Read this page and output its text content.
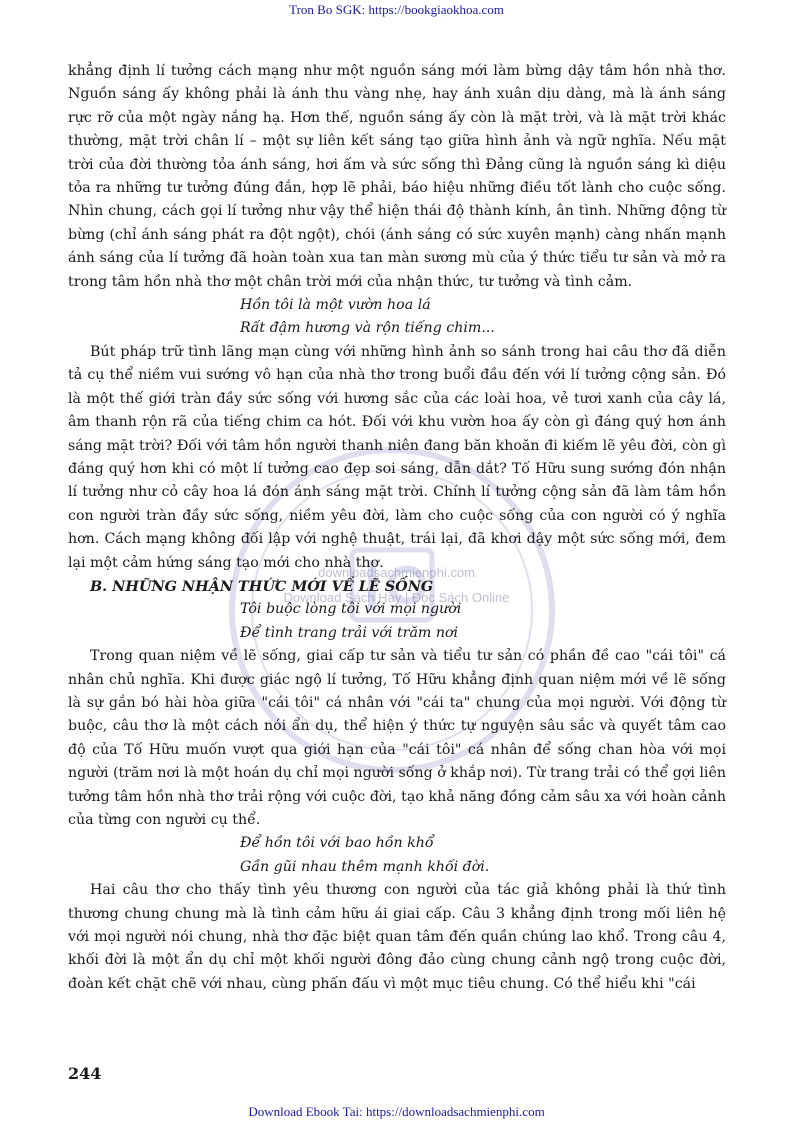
Tron Bo SGK: https://bookgiaokhoa.com
downloadsachmienphi.com
Download Sách Hay | Đọc Sách Online

khẳng định lí tưởng cách mạng như một nguồn sáng mới làm bừng dậy tâm hồn nhà thơ. Nguồn sáng ấy không phải là ánh thu vàng nhẹ, hay ánh xuân dịu dàng, mà là ánh sáng rực rỡ của một ngày nắng hạ. Hơn thế, nguồn sáng ấy còn là mặt trời, và là mặt trời khác thường, mặt trời chân lí – một sự liên kết sáng tạo giữa hình ảnh và ngữ nghĩa. Nếu mặt trời của đời thường tỏa ánh sáng, hơi ấm và sức sống thì Đảng cũng là nguồn sáng kì diệu tỏa ra những tư tưởng đúng đắn, hợp lẽ phải, báo hiệu những điều tốt lành cho cuộc sống. Nhìn chung, cách gọi lí tưởng như vậy thể hiện thái độ thành kính, ân tình. Những động từ bừng (chỉ ánh sáng phát ra đột ngột), chói (ánh sáng có sức xuyên mạnh) càng nhấn mạnh ánh sáng của lí tưởng đã hoàn toàn xua tan màn sương mù của ý thức tiểu tư sản và mở ra trong tâm hồn nhà thơ một chân trời mới của nhận thức, tư tưởng và tình cảm.

Hồn tôi là một vườn hoa lá
Rất đậm hương và rộn tiếng chim...

Bút pháp trữ tình lãng mạn cùng với những hình ảnh so sánh trong hai câu thơ đã diễn tả cụ thể niềm vui sướng vô hạn của nhà thơ trong buổi đầu đến với lí tưởng cộng sản. Đó là một thế giới tràn đầy sức sống với hương sắc của các loài hoa, vẻ tươi xanh của cây lá, âm thanh rộn rã của tiếng chim ca hót. Đối với khu vườn hoa ấy còn gì đáng quý hơn ánh sáng mặt trời? Đối với tâm hồn người thanh niên đang băn khoăn đi kiếm lẽ yêu đời, còn gì đáng quý hơn khi có một lí tưởng cao đẹp soi sáng, dẫn dắt? Tố Hữu sung sướng đón nhận lí tưởng như cỏ cây hoa lá đón ánh sáng mặt trời. Chính lí tưởng cộng sản đã làm tâm hồn con người tràn đầy sức sống, niềm yêu đời, làm cho cuộc sống của con người có ý nghĩa hơn. Cách mạng không đối lập với nghệ thuật, trái lại, đã khơi dậy một sức sống mới, đem lại một cảm hứng sáng tạo mới cho nhà thơ.

B. NHỮNG NHẬN THỨC MỚI VỀ LẼ SỐNG
Tôi buộc lòng tôi với mọi người
Để tình trang trải với trăm nơi

Trong quan niệm về lẽ sống, giai cấp tư sản và tiểu tư sản có phần đề cao "cái tôi" cá nhân chủ nghĩa. Khi được giác ngộ lí tưởng, Tố Hữu khẳng định quan niệm mới về lẽ sống là sự gắn bó hài hòa giữa "cái tôi" cá nhân với "cái ta" chung của mọi người. Với động từ buộc, câu thơ là một cách nói ẩn dụ, thể hiện ý thức tự nguyện sâu sắc và quyết tâm cao độ của Tố Hữu muốn vượt qua giới hạn của "cái tôi" cá nhân để sống chan hòa với mọi người (trăm nơi là một hoán dụ chỉ mọi người sống ở khắp nơi). Từ trang trải có thể gợi liên tưởng tâm hồn nhà thơ trải rộng với cuộc đời, tạo khả năng đồng cảm sâu xa với hoàn cảnh của từng con người cụ thể.

Để hồn tôi với bao hồn khổ
Gần gũi nhau thêm mạnh khối đời.

Hai câu thơ cho thấy tình yêu thương con người của tác giả không phải là thứ tình thương chung chung mà là tình cảm hữu ái giai cấp. Câu 3 khẳng định trong mối liên hệ với mọi người nói chung, nhà thơ đặc biệt quan tâm đến quần chúng lao khổ. Trong câu 4, khối đời là một ẩn dụ chỉ một khối người đông đảo cùng chung cảnh ngộ trong cuộc đời, đoàn kết chặt chẽ với nhau, cùng phấn đấu vì một mục tiêu chung. Có thể hiểu khi "cái

244
Download Ebook Tai: https://downloadsachmienphi.com
